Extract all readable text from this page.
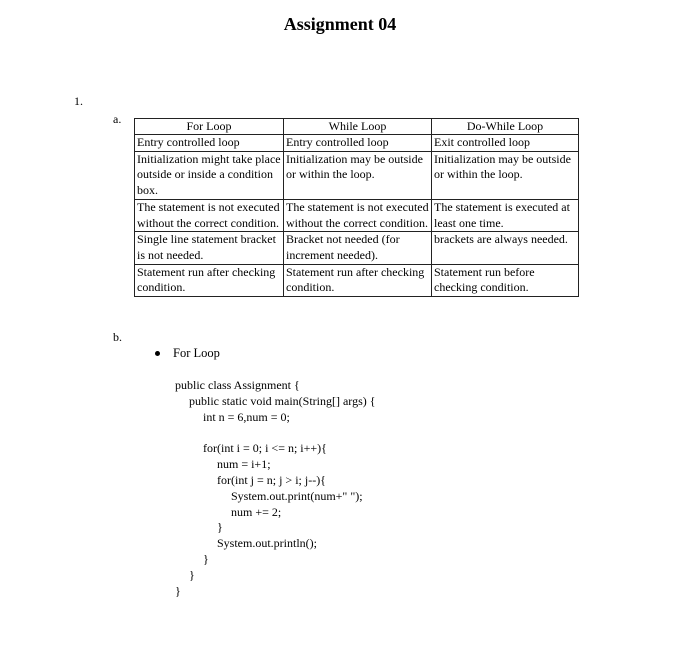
Assignment 04
1.
a.	For Loop	While Loop	Do-While Loop
Entry controlled loop	Entry controlled loop	Exit controlled loop
Initialization might take place outside or inside a condition box.	Initialization may be outside or within the loop.	Initialization may be outside or within the loop.
The statement is not executed without the correct condition.	The statement is not executed without the correct condition.	The statement is executed at least one time.
Single line statement bracket is not needed.	Bracket not needed (for increment needed).	brackets are always needed.
Statement run after checking condition.	Statement run after checking condition.	Statement run before checking condition.
b.
For Loop
public class Assignment {
public static void main(String[] args) {
int n = 6,num = 0;
for(int i = 0; i <= n; i++){
num = i+1;
for(int j = n; j > i; j--){
System.out.print(num+" ");
num += 2;
}
System.out.println();
}
}
}
